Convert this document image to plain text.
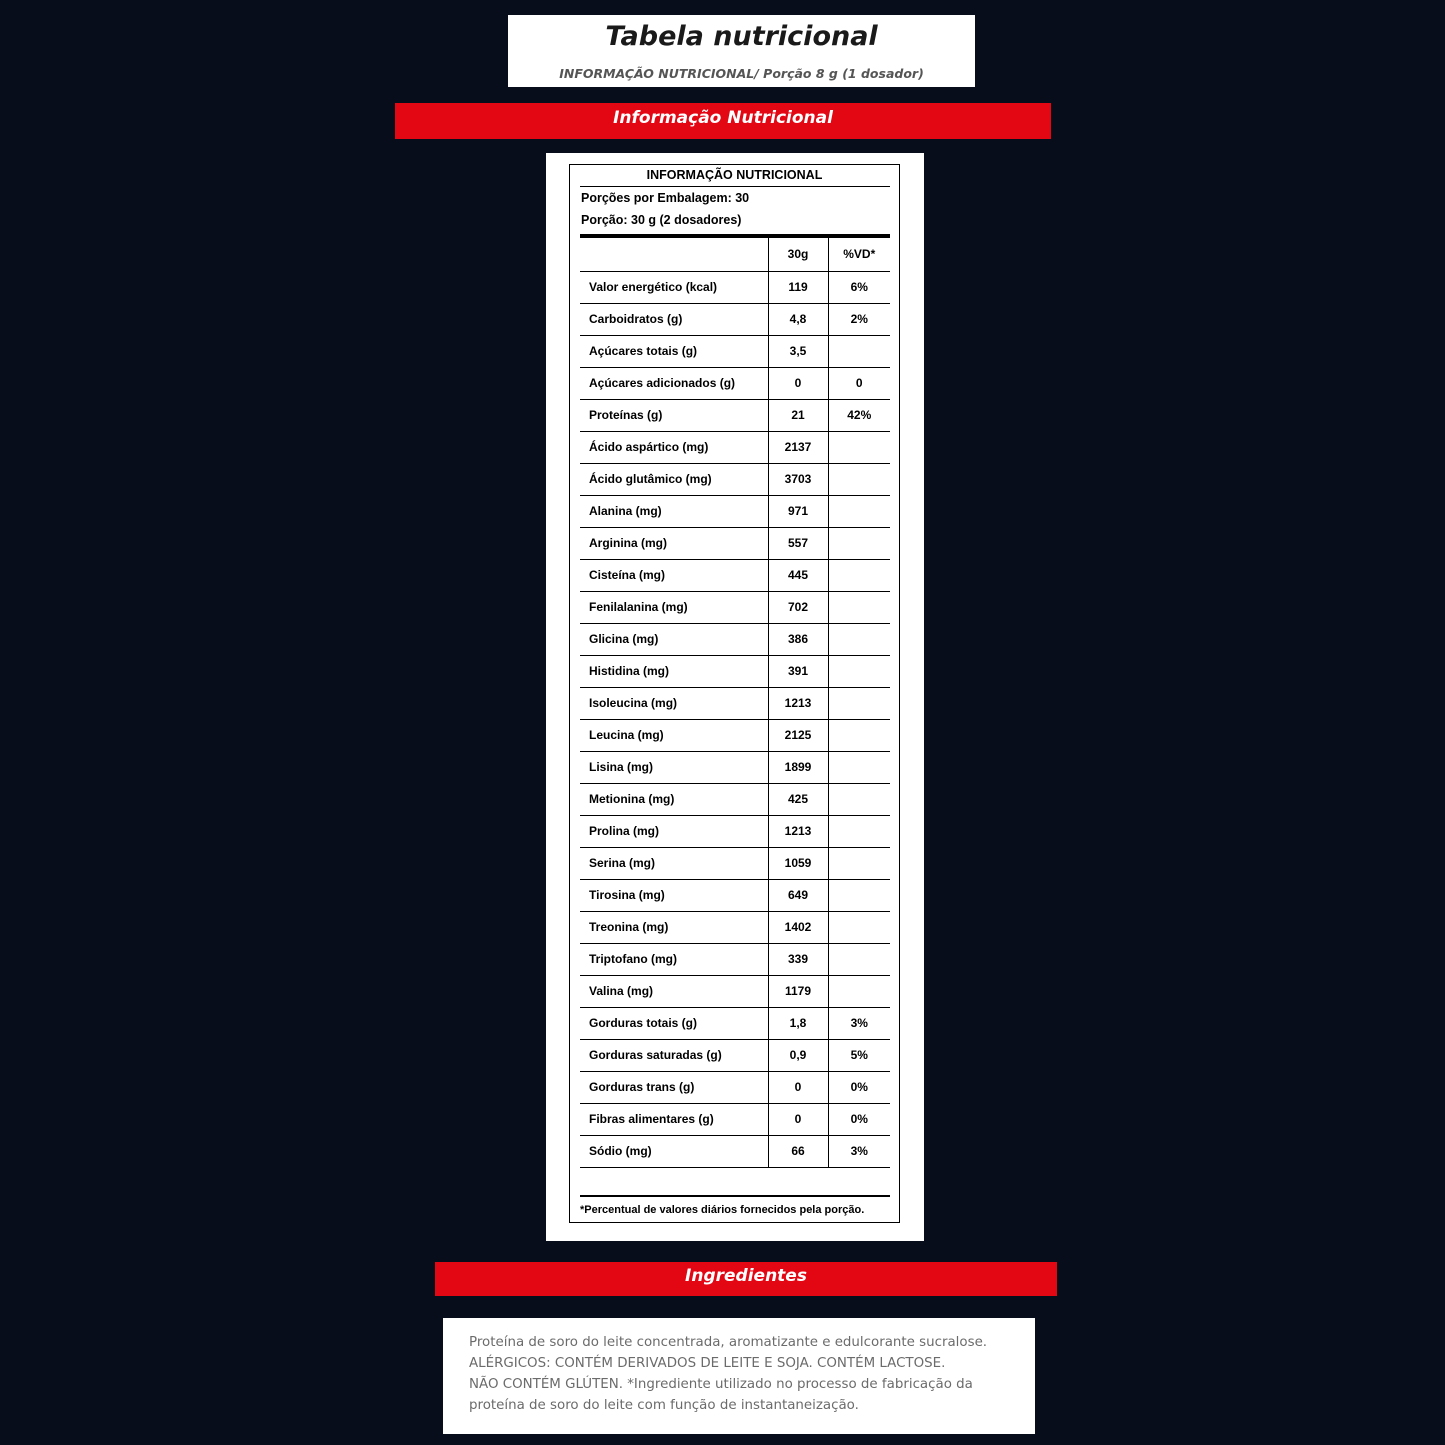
Tabela nutricional
INFORMAÇÃO NUTRICIONAL/ Porção 8 g (1 dosador)
Informação Nutricional
INFORMAÇÃO NUTRICIONAL
Porções por Embalagem: 30
Porção: 30 g (2 dosadores)
	30g	%VD*
Valor energético (kcal)	119	6%
Carboidratos (g)	4,8	2%
Açúcares totais (g)	3,5	
Açúcares adicionados (g)	0	0
Proteínas (g)	21	42%
Ácido aspártico (mg)	2137	
Ácido glutâmico (mg)	3703	
Alanina (mg)	971	
Arginina (mg)	557	
Cisteína (mg)	445	
Fenilalanina (mg)	702	
Glicina (mg)	386	
Histidina (mg)	391	
Isoleucina (mg)	1213	
Leucina (mg)	2125	
Lisina (mg)	1899	
Metionina (mg)	425	
Prolina (mg)	1213	
Serina (mg)	1059	
Tirosina (mg)	649	
Treonina (mg)	1402	
Triptofano (mg)	339	
Valina (mg)	1179	
Gorduras totais (g)	1,8	3%
Gorduras saturadas (g)	0,9	5%
Gorduras trans (g)	0	0%
Fibras alimentares (g)	0	0%
Sódio (mg)	66	3%
*Percentual de valores diários fornecidos pela porção.
Ingredientes
Proteína de soro do leite concentrada, aromatizante e edulcorante sucralose.
ALÉRGICOS: CONTÉM DERIVADOS DE LEITE E SOJA. CONTÉM LACTOSE.
NÃO CONTÉM GLÚTEN. *Ingrediente utilizado no processo de fabricação da
proteína de soro do leite com função de instantaneização.
